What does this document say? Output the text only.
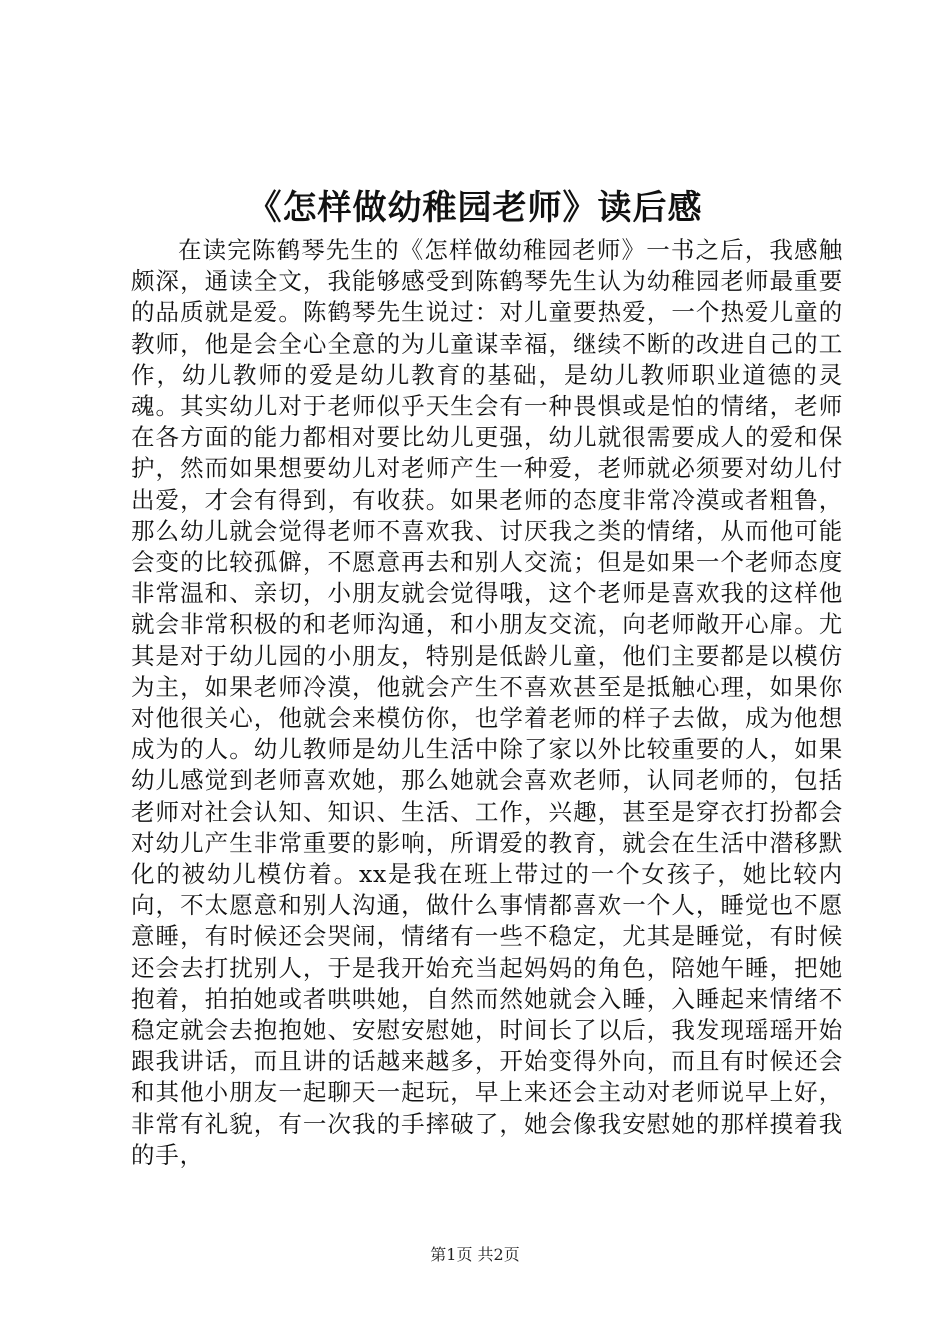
《怎样做幼稚园老师》读后感

在读完陈鹤琴先生的《怎样做幼稚园老师》一书之后，我感触颇深，通读全文，我能够感受到陈鹤琴先生认为幼稚园老师最重要的品质就是爱。陈鹤琴先生说过：对儿童要热爱，一个热爱儿童的教师，他是会全心全意的为儿童谋幸福，继续不断的改进自己的工作，幼儿教师的爱是幼儿教育的基础，是幼儿教师职业道德的灵魂。其实幼儿对于老师似乎天生会有一种畏惧或是怕的情绪，老师在各方面的能力都相对要比幼儿更强，幼儿就很需要成人的爱和保护，然而如果想要幼儿对老师产生一种爱，老师就必须要对幼儿付出爱，才会有得到，有收获。如果老师的态度非常冷漠或者粗鲁，那么幼儿就会觉得老师不喜欢我、讨厌我之类的情绪，从而他可能会变的比较孤僻，不愿意再去和别人交流；但是如果一个老师态度非常温和、亲切，小朋友就会觉得哦，这个老师是喜欢我的这样他就会非常积极的和老师沟通，和小朋友交流，向老师敞开心扉。尤其是对于幼儿园的小朋友，特别是低龄儿童，他们主要都是以模仿为主，如果老师冷漠，他就会产生不喜欢甚至是抵触心理，如果你对他很关心，他就会来模仿你，也学着老师的样子去做，成为他想成为的人。幼儿教师是幼儿生活中除了家以外比较重要的人，如果幼儿感觉到老师喜欢她，那么她就会喜欢老师，认同老师的，包括老师对社会认知、知识、生活、工作，兴趣，甚至是穿衣打扮都会对幼儿产生非常重要的影响，所谓爱的教育，就会在生活中潜移默化的被幼儿模仿着。xx是我在班上带过的一个女孩子，她比较内向，不太愿意和别人沟通，做什么事情都喜欢一个人，睡觉也不愿意睡，有时候还会哭闹，情绪有一些不稳定，尤其是睡觉，有时候还会去打扰别人，于是我开始充当起妈妈的角色，陪她午睡，把她抱着，拍拍她或者哄哄她，自然而然她就会入睡，入睡起来情绪不稳定就会去抱抱她、安慰安慰她，时间长了以后，我发现瑶瑶开始跟我讲话，而且讲的话越来越多，开始变得外向，而且有时候还会和其他小朋友一起聊天一起玩，早上来还会主动对老师说早上好，非常有礼貌，有一次我的手摔破了，她会像我安慰她的那样摸着我的手，

第1页 共2页
